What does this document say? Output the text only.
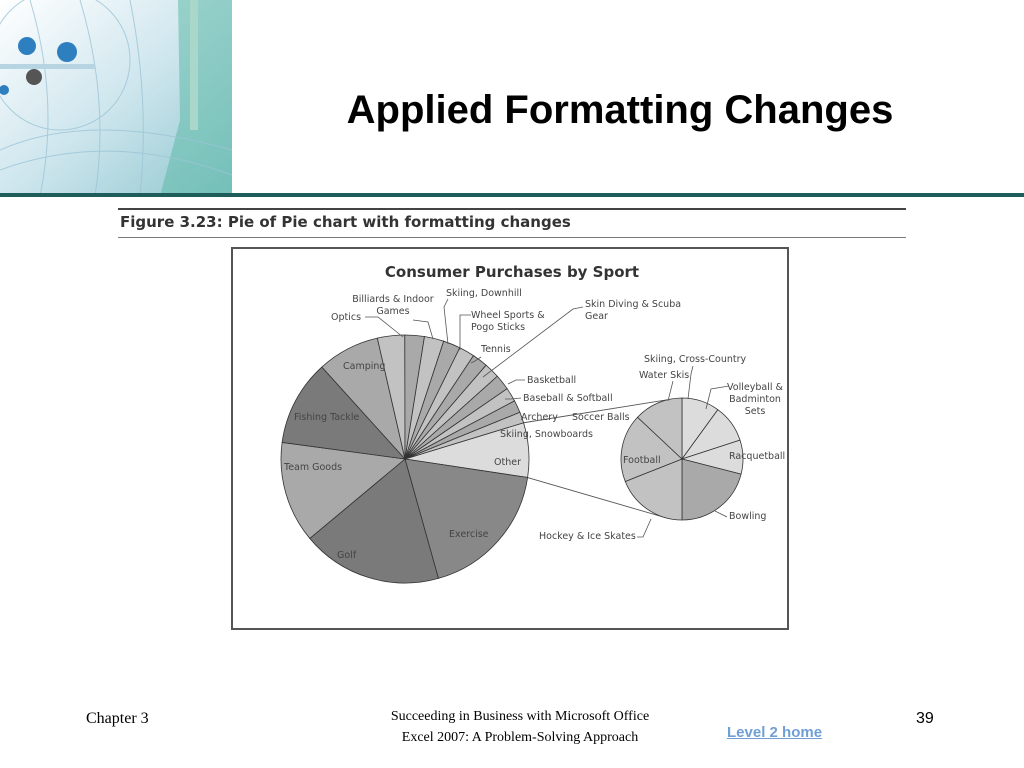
Applied Formatting Changes
Figure 3.23: Pie of Pie chart with formatting changes
Consumer Purchases by Sport
Other
Exercise
Golf
Team Goods
Fishing Tackle
Camping
Optics
Billiards & Indoor Games
Skiing, Downhill
Wheel Sports & Pogo Sticks
Tennis
Skin Diving & Scuba Gear
Basketball
Baseball & Softball
Archery Soccer Balls
Skiing, Snowboards
Skiing, Cross-Country
Water Skis
Volleyball & Badminton Sets
Racquetball
Bowling
Hockey & Ice Skates
Football
Chapter 3	Succeeding in Business with Microsoft Office
Excel 2007: A Problem-Solving Approach	Level 2 home
39
